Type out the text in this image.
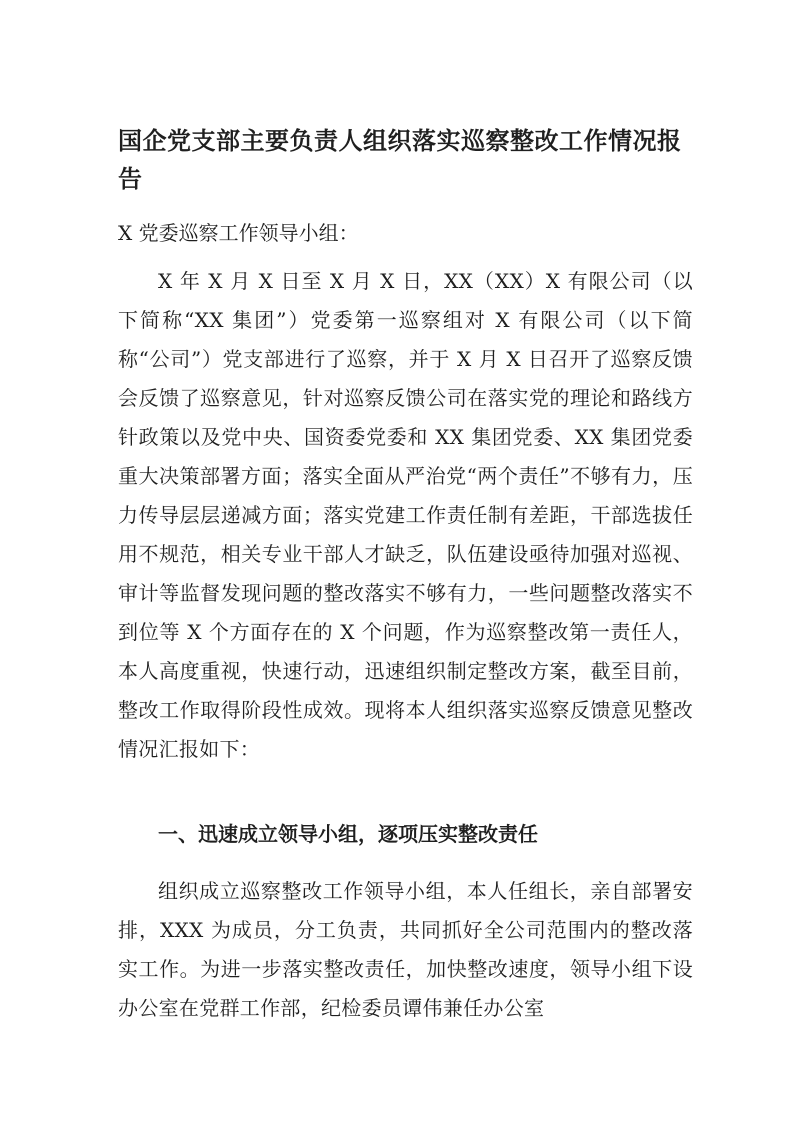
国企党支部主要负责人组织落实巡察整改工作情况报告

X 党委巡察工作领导小组：

X 年 X 月 X 日至 X 月 X 日，XX（XX）X 有限公司（以下简称“XX 集团”）党委第一巡察组对 X 有限公司（以下简称“公司”）党支部进行了巡察，并于 X 月 X 日召开了巡察反馈会反馈了巡察意见，针对巡察反馈公司在落实党的理论和路线方针政策以及党中央、国资委党委和 XX 集团党委、XX 集团党委重大决策部署方面；落实全面从严治党“两个责任”不够有力，压力传导层层递减方面；落实党建工作责任制有差距，干部选拔任用不规范，相关专业干部人才缺乏，队伍建设亟待加强对巡视、审计等监督发现问题的整改落实不够有力，一些问题整改落实不到位等 X 个方面存在的 X 个问题，作为巡察整改第一责任人，本人高度重视，快速行动，迅速组织制定整改方案，截至目前，整改工作取得阶段性成效。现将本人组织落实巡察反馈意见整改情况汇报如下：

一、迅速成立领导小组，逐项压实整改责任

组织成立巡察整改工作领导小组，本人任组长，亲自部署安排，XXX 为成员，分工负责，共同抓好全公司范围内的整改落实工作。为进一步落实整改责任，加快整改速度，领导小组下设办公室在党群工作部，纪检委员谭伟兼任办公室
